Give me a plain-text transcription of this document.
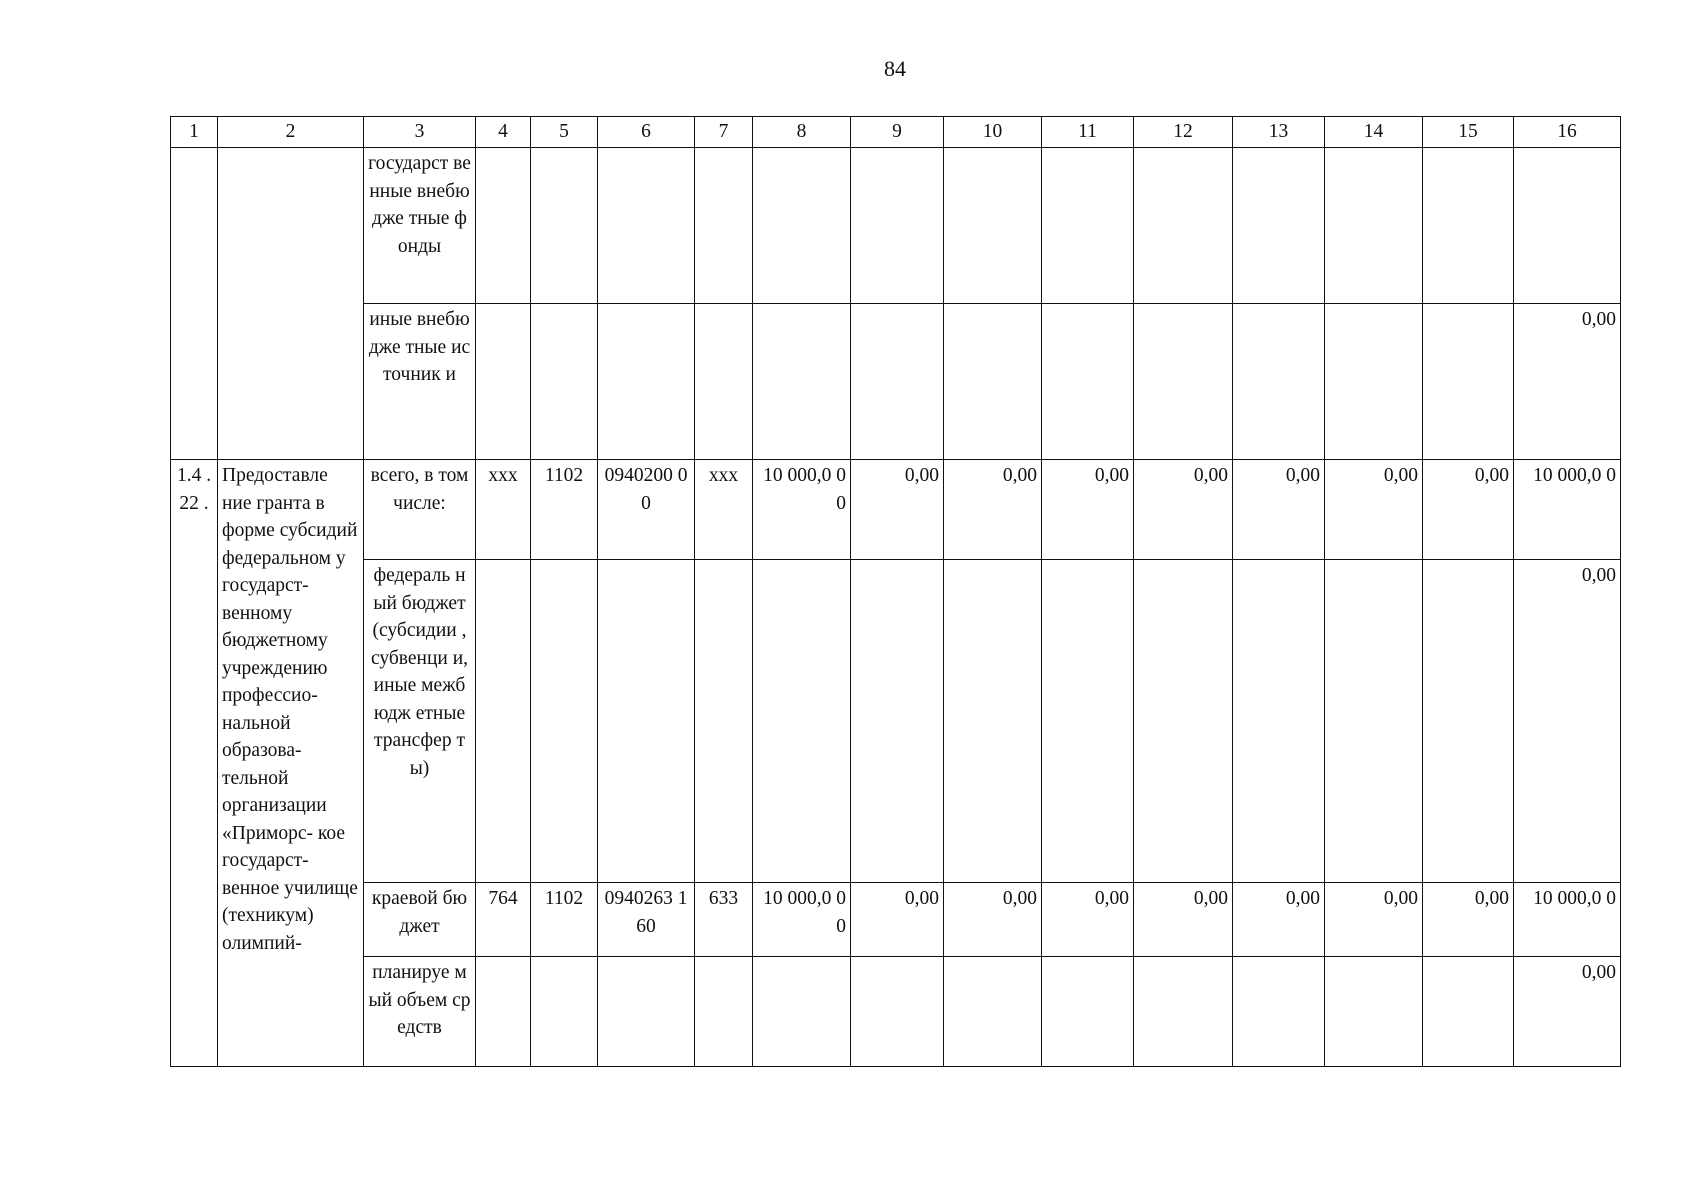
84
1	2	3	4	5	6	7	8	9	10	11	12	13	14	15	16
		государст венные внебюдже тные фонды													
		иные внебюдже тные источник и													0,00
1.4 .22 .	Предоставле ние гранта в форме субсидий федеральном у государст- венному бюджетному учреждению профессио- нальной образова- тельной организации «Приморс- кое государст- венное училище (техникум) олимпий-	всего, в том числе:	ххх	1102	0940200 00	ххх	10 000,0 00	0,00	0,00	0,00	0,00	0,00	0,00	0,00	10 000,0 0
		федераль ный бюджет (субсидии , субвенци и, иные межбюдж етные трансфер ты)													0,00
		краевой бюджет	764	1102	0940263 160	633	10 000,0 00	0,00	0,00	0,00	0,00	0,00	0,00	0,00	10 000,0 0
		планируе мый объем средств													0,00
